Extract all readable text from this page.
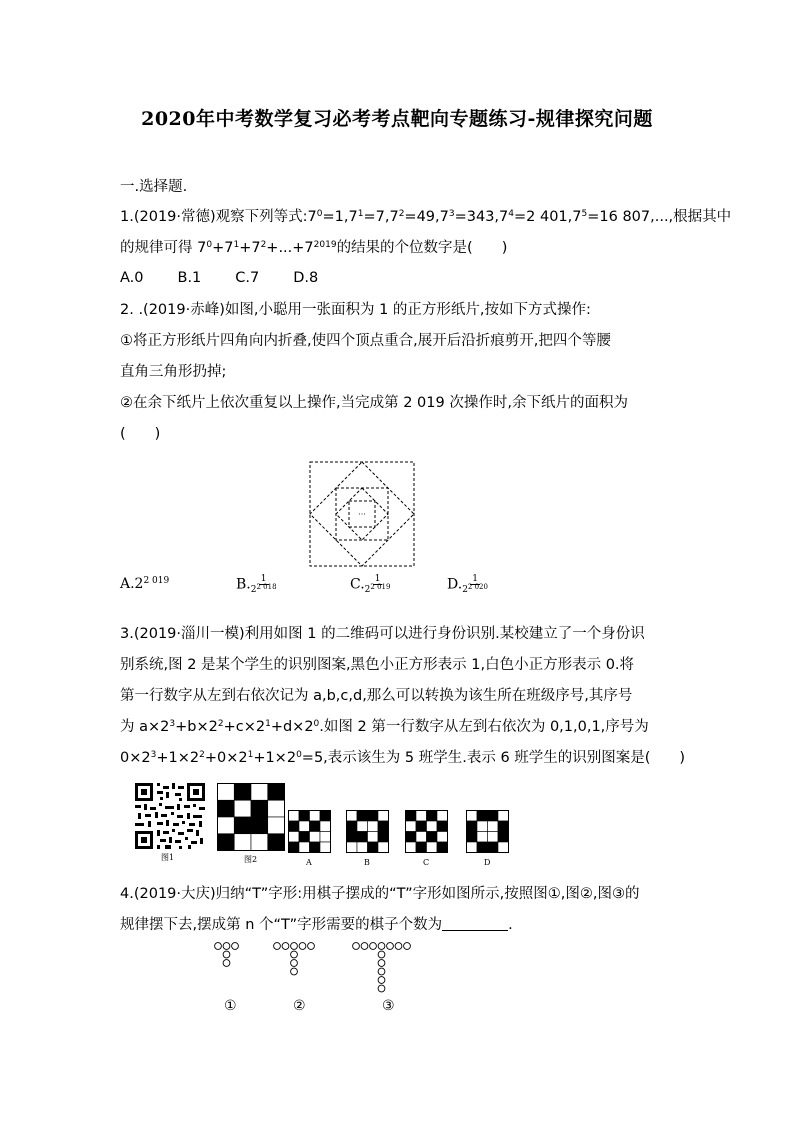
2020年中考数学复习必考考点靶向专题练习-规律探究问题
一.选择题.
1.(2019·常德)观察下列等式$:7^0=1,7^1=7,7^2=49,7^3=343,7^4=2$ $401,7^5=16$ 807,...,根据其中
的规律可得 $7^0+7^1+7^2+...+7^{2019}$的结果的个位数字是(　　)
A.0 B.1 C.7 D.8
2. .(2019·赤峰)如图,小聪用一张面积为 1 的正方形纸片,按如下方式操作:
①将正方形纸片四角向内折叠,使四个顶点重合,展开后沿折痕剪开,把四个等腰
直角三角形扔掉;
②在余下纸片上依次重复以上操作,当完成第 2 019 次操作时,余下纸片的面积为
(　　)
···
$A.2^{2 019}$	B. $\frac{1}{2^{2 018}}$	C. $\frac{1}{2^{2 019}}$	D. $\frac{1}{2^{2 020}}$
3.(2019·淄川一模)利用如图 1 的二维码可以进行身份识别.某校建立了一个身份识
别系统,图 2 是某个学生的识别图案,黑色小正方形表示 1,白色小正方形表示 0.将
第一行数字从左到右依次记为 a,b,c,d,那么可以转换为该生所在班级序号,其序号
为 $a\times 2^3+b\times 2^2+c\times 2^1+d\times 2^0$.如图 2 第一行数字从左到右依次为 0,1,0,1,序号为
$0\times 2^3+1\times 2^2+0\times 2^1+1\times 2^0=5$,表示该生为 5 班学生.表示 6 班学生的识别图案是(　　)
图1	图2	A	B	C	D
4.(2019·大庆)归纳“T”字形:用棋子摆成的“T”字形如图所示,按照图①,图②,图③的
规律摆下去,摆成第 n 个“T”字形需要的棋子个数为	.
①	②	③
